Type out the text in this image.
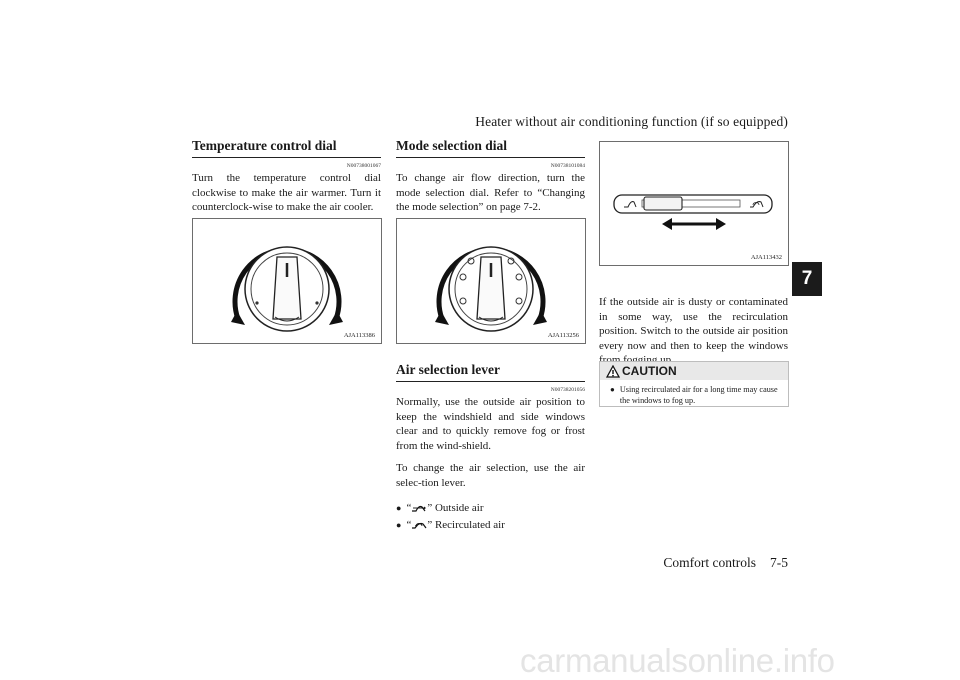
Heater without air conditioning function (if so equipped)
7
Temperature control dial
N00738001067
Turn the temperature control dial clockwise to make the air warmer. Turn it counterclock-wise to make the air cooler.
AJA113386
Mode selection dial
N00738101084
To change air flow direction, turn the mode selection dial. Refer to “Changing the mode selection” on page 7-2.
AJA113256
Air selection lever
N00738201056
Normally, use the outside air position to keep the windshield and side windows clear and to quickly remove fog or frost from the wind-shield.
To change the air selection, use the air selec-tion lever.
● “ ” Outside air
● “ ” Recirculated air
AJA113432
If the outside air is dusty or contaminated in some way, use the recirculation position. Switch to the outside air position every now and then to keep the windows
CAUTION
● Using recirculated air for a long time may cause the windows to fog up.
Comfort controls 7-5
carmanualsonline.info
